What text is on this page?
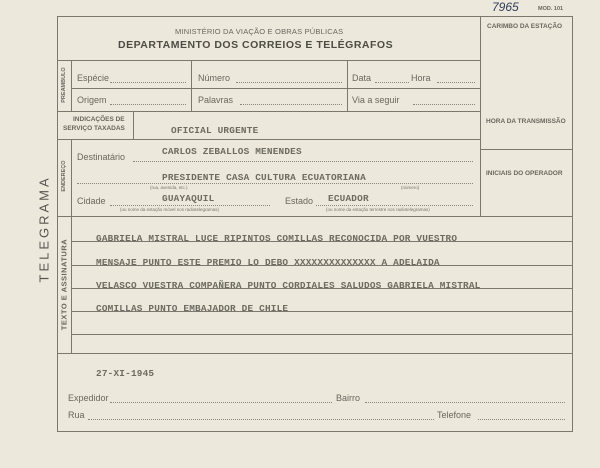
7965	MOD. 101
MINISTÉRIO DA VIAÇÃO E OBRAS PÚBLICAS
DEPARTAMENTO DOS CORREIOS E TELÉGRAFOS
CARIMBO DA ESTAÇÃO
TELEGRAMA
PREAMBULO Espécie	Número	Data	Hora
Origem	Palavras	Via a seguir
INDICAÇÕES DE
SERVIÇO TAXADAS	OFICIAL URGENTE
HORA DA TRANSMISSÃO
INICIAIS DO OPERADOR
ENDEREÇO
Destinatário	CARLOS ZEBALLOS MENENDES
PRESIDENTE CASA CULTURA ECUATORIANA
(rua, avenida, etc.)	(número)
Cidade	GUAYAQUIL	Estado ECUADOR
(ou nome da estação móvel nos radiotelegramas)	(ou nome da estação terrestre nos radiotelegramas)
TEXTO E ASSINATURA
GABRIELA MISTRAL LUCE RIPINTOS COMILLAS RECONOCIDA POR VUESTRO
MENSAJE PUNTO ESTE PREMIO LO DEBO XXXXXXXXXXXXXX A ADELAIDA
VELASCO VUESTRA COMPAÑERA PUNTO CORDIALES SALUDOS GABRIELA MISTRAL
COMILLAS PUNTO EMBAJADOR DE CHILE
27-XI-1945
Expedidor	Bairro
Rua	Telefone
